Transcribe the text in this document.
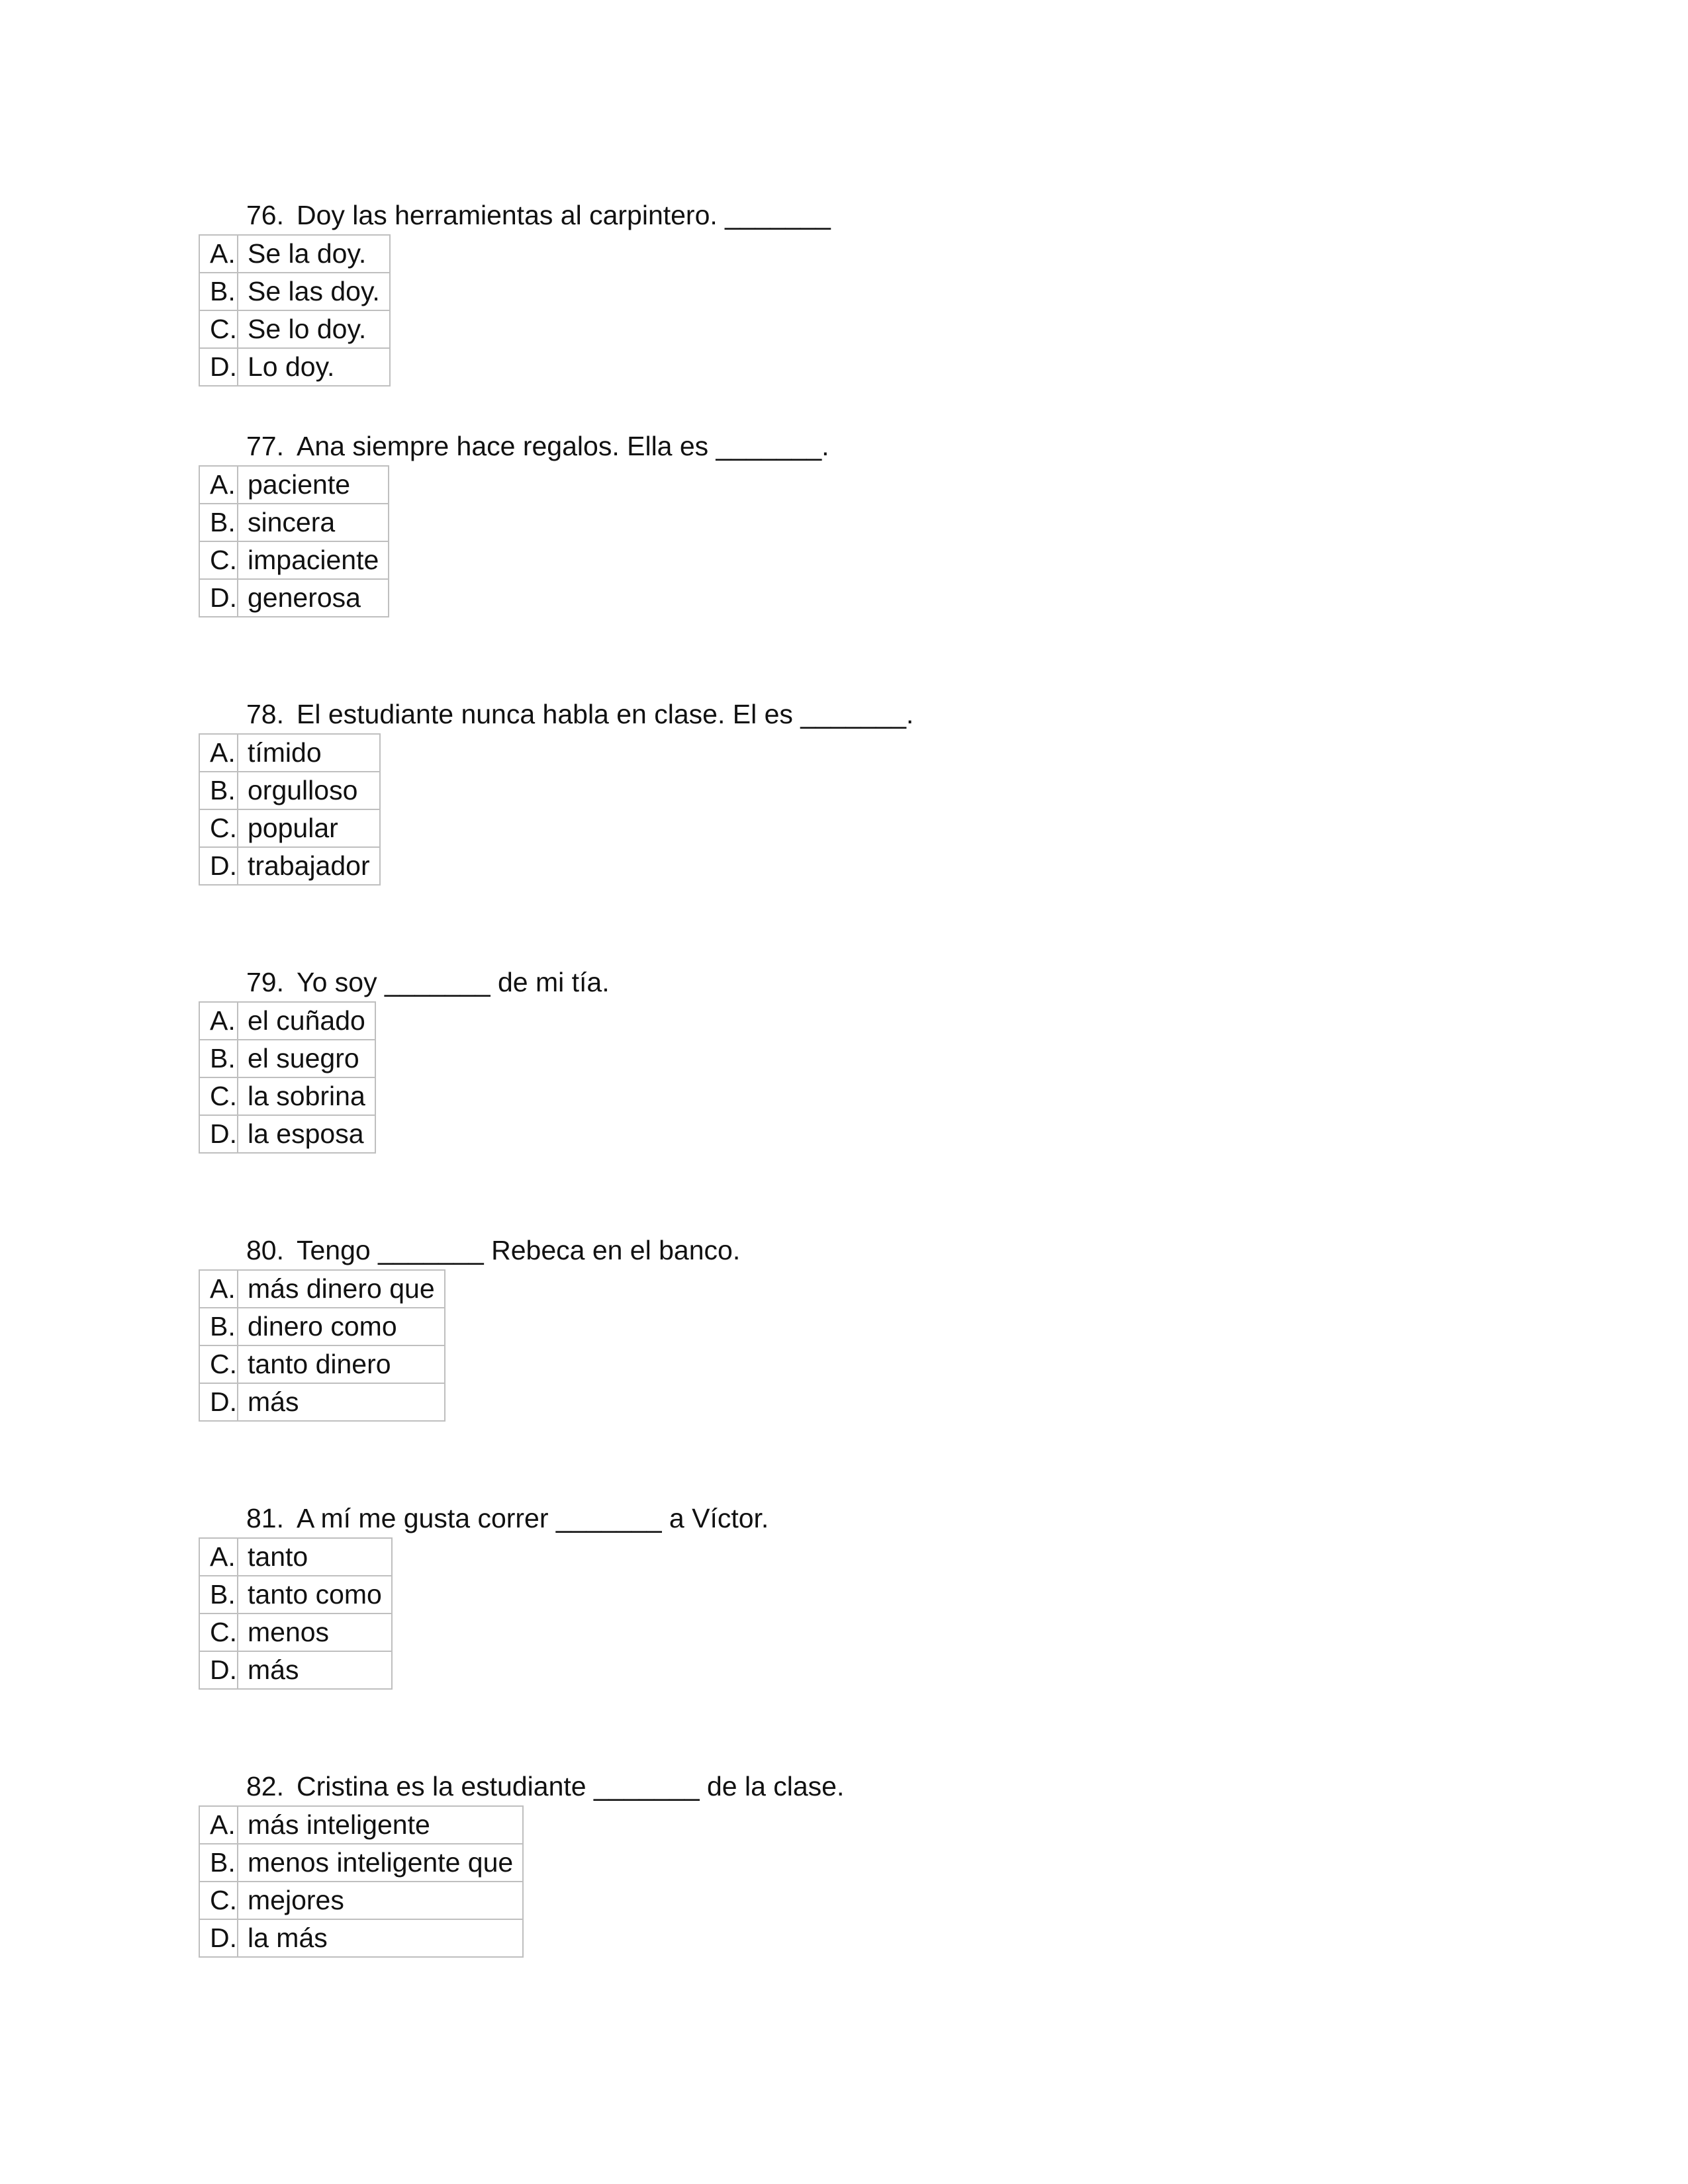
76. Doy las herramientas al carpintero. _______
A.	Se la doy.
B.	Se las doy.
C.	Se lo doy.
D.	Lo doy.
77. Ana siempre hace regalos. Ella es _______.
A.	paciente
B.	sincera
C.	impaciente
D.	generosa
78. El estudiante nunca habla en clase. El es _______.
A.	tímido
B.	orgulloso
C.	popular
D.	trabajador
79. Yo soy _______ de mi tía.
A.	el cuñado
B.	el suegro
C.	la sobrina
D.	la esposa
80. Tengo _______ Rebeca en el banco.
A.	más dinero que
B.	dinero como
C.	tanto dinero
D.	más
81. A mí me gusta correr _______ a Víctor.
A.	tanto
B.	tanto como
C.	menos
D.	más
82. Cristina es la estudiante _______ de la clase.
A.	más inteligente
B.	menos inteligente que
C.	mejores
D.	la más
